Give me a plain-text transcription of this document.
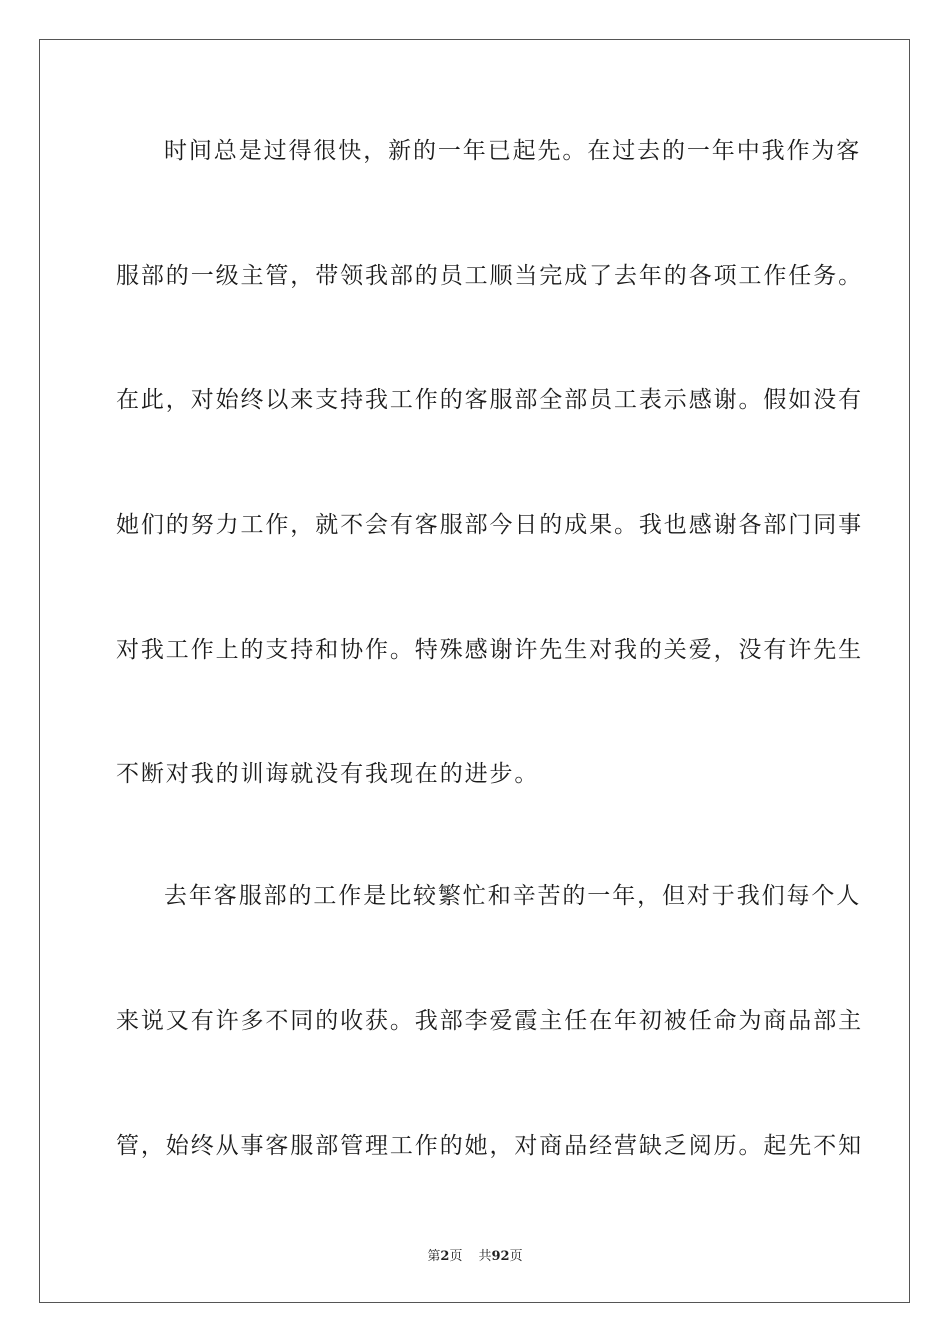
时间总是过得很快，新的一年已起先。在过去的一年中我作为客
服部的一级主管，带领我部的员工顺当完成了去年的各项工作任务。
在此，对始终以来支持我工作的客服部全部员工表示感谢。假如没有
她们的努力工作，就不会有客服部今日的成果。我也感谢各部门同事
对我工作上的支持和协作。特殊感谢许先生对我的关爱，没有许先生
不断对我的训诲就没有我现在的进步。
去年客服部的工作是比较繁忙和辛苦的一年，但对于我们每个人
来说又有许多不同的收获。我部李爱霞主任在年初被任命为商品部主
管，始终从事客服部管理工作的她，对商品经营缺乏阅历。起先不知
第2页 共92页
